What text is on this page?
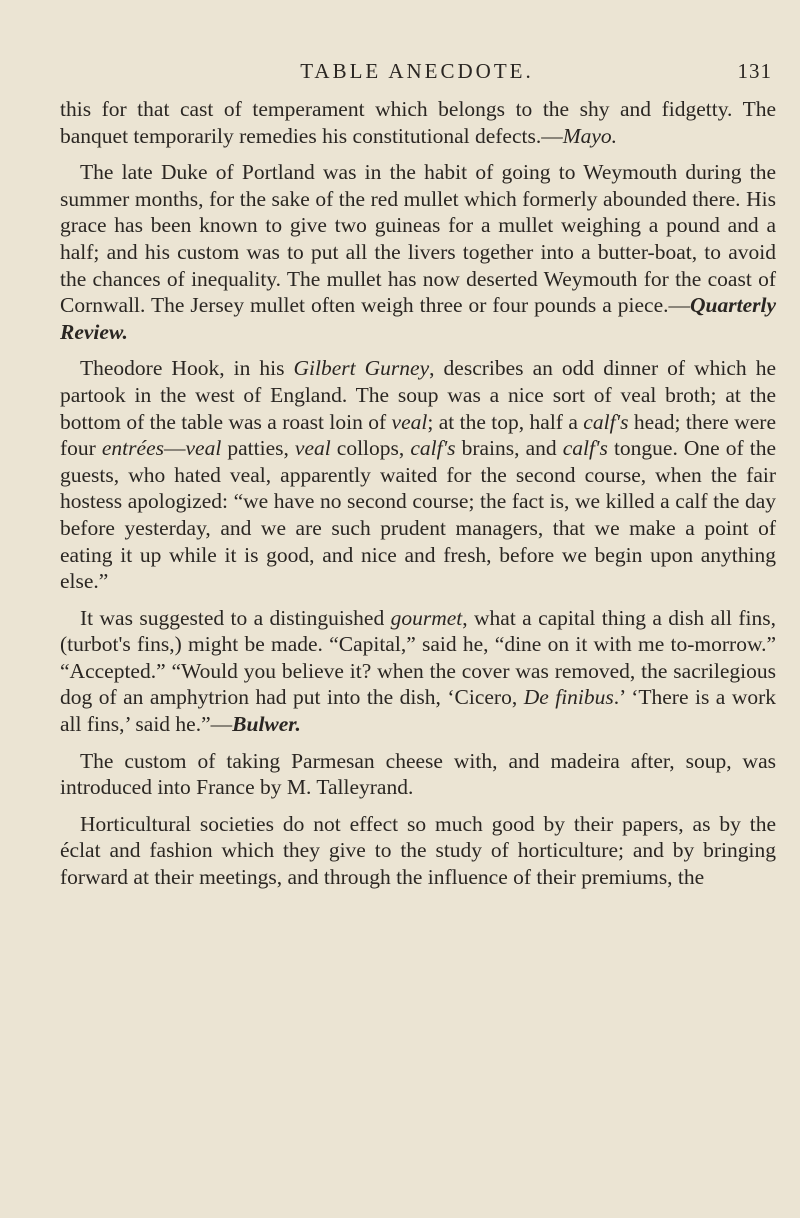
TABLE ANECDOTE.	131

this for that cast of temperament which belongs to the shy and fidgetty. The banquet temporarily remedies his constitutional defects.—Mayo.

The late Duke of Portland was in the habit of going to Weymouth during the summer months, for the sake of the red mullet which formerly abounded there. His grace has been known to give two guineas for a mullet weighing a pound and a half; and his custom was to put all the livers together into a butter-boat, to avoid the chances of inequality. The mullet has now deserted Weymouth for the coast of Cornwall. The Jersey mullet often weigh three or four pounds a piece.—Quarterly Review.

Theodore Hook, in his Gilbert Gurney, describes an odd dinner of which he partook in the west of England. The soup was a nice sort of veal broth; at the bottom of the table was a roast loin of veal; at the top, half a calf's head; there were four entrées—veal patties, veal collops, calf's brains, and calf's tongue. One of the guests, who hated veal, apparently waited for the second course, when the fair hostess apologized: “we have no second course; the fact is, we killed a calf the day before yesterday, and we are such prudent managers, that we make a point of eating it up while it is good, and nice and fresh, before we begin upon anything else.”

It was suggested to a distinguished gourmet, what a capital thing a dish all fins, (turbot's fins,) might be made. “Capital,” said he, “dine on it with me to-morrow.” “Accepted.” “Would you believe it? when the cover was removed, the sacrilegious dog of an amphytrion had put into the dish, ‘Cicero, De finibus.’ ‘There is a work all fins,’ said he.”—Bulwer.

The custom of taking Parmesan cheese with, and madeira after, soup, was introduced into France by M. Talleyrand.

Horticultural societies do not effect so much good by their papers, as by the éclat and fashion which they give to the study of horticulture; and by bringing forward at their meetings, and through the influence of their premiums, the
